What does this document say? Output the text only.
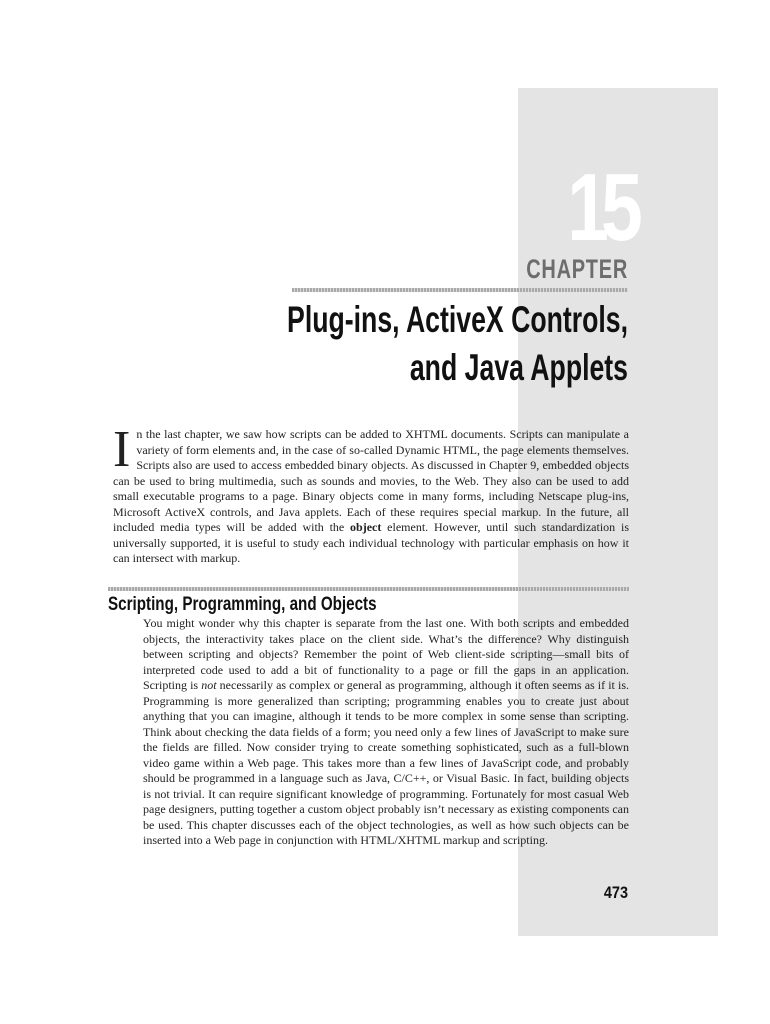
15
CHAPTER
Plug-ins, ActiveX Controls,
and Java Applets
In the last chapter, we saw how scripts can be added to XHTML documents. Scripts can manipulate a variety of form elements and, in the case of so-called Dynamic HTML, the page elements themselves. Scripts also are used to access embedded binary objects. As discussed in Chapter 9, embedded objects can be used to bring multimedia, such as sounds and movies, to the Web. They also can be used to add small executable programs to a page. Binary objects come in many forms, including Netscape plug-ins, Microsoft ActiveX controls, and Java applets. Each of these requires special markup. In the future, all included media types will be added with the object element. However, until such standardization is universally supported, it is useful to study each individual technology with particular emphasis on how it can intersect with markup.
Scripting, Programming, and Objects
You might wonder why this chapter is separate from the last one. With both scripts and embedded objects, the interactivity takes place on the client side. What’s the difference? Why distinguish between scripting and objects? Remember the point of Web client-side scripting—small bits of interpreted code used to add a bit of functionality to a page or fill the gaps in an application. Scripting is not necessarily as complex or general as programming, although it often seems as if it is. Programming is more generalized than scripting; programming enables you to create just about anything that you can imagine, although it tends to be more complex in some sense than scripting. Think about checking the data fields of a form; you need only a few lines of JavaScript to make sure the fields are filled. Now consider trying to create something sophisticated, such as a full-blown video game within a Web page. This takes more than a few lines of JavaScript code, and probably should be programmed in a language such as Java, C/C++, or Visual Basic. In fact, building objects is not trivial. It can require significant knowledge of programming. Fortunately for most casual Web page designers, putting together a custom object probably isn’t necessary as existing components can be used. This chapter discusses each of the object technologies, as well as how such objects can be inserted into a Web page in conjunction with HTML/XHTML markup and scripting.
473
